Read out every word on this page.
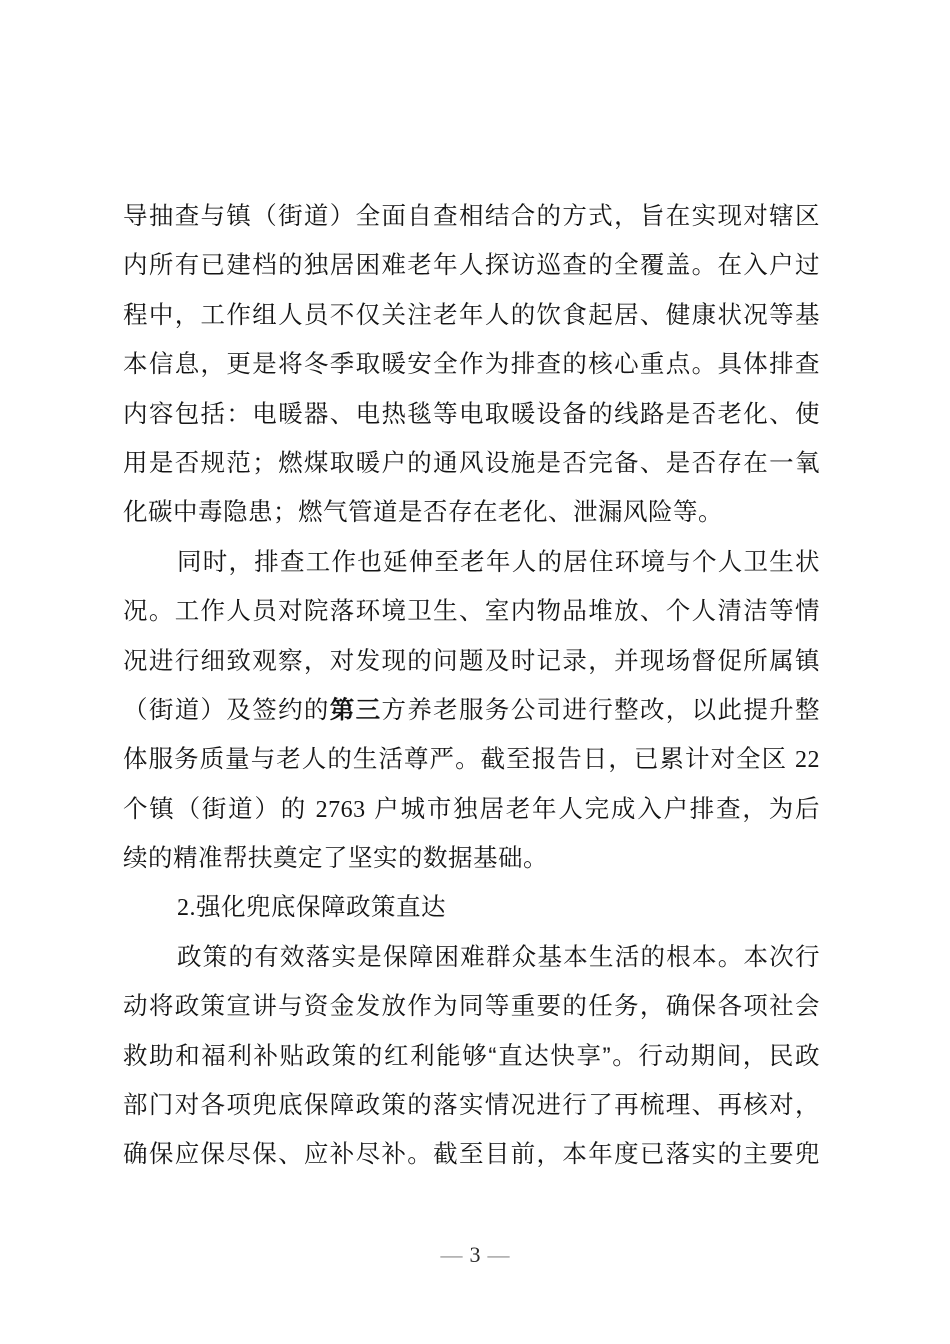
导抽查与镇（街道）全面自查相结合的方式，旨在实现对辖区
内所有已建档的独居困难老年人探访巡查的全覆盖。在入户过
程中，工作组人员不仅关注老年人的饮食起居、健康状况等基
本信息，更是将冬季取暖安全作为排查的核心重点。具体排查
内容包括：电暖器、电热毯等电取暖设备的线路是否老化、使
用是否规范；燃煤取暖户的通风设施是否完备、是否存在一氧
化碳中毒隐患；燃气管道是否存在老化、泄漏风险等。
同时，排查工作也延伸至老年人的居住环境与个人卫生状
况。工作人员对院落环境卫生、室内物品堆放、个人清洁等情
况进行细致观察，对发现的问题及时记录，并现场督促所属镇
（街道）及签约的第三方养老服务公司进行整改，以此提升整
体服务质量与老人的生活尊严。截至报告日，已累计对全区 22
个镇（街道）的 2763 户城市独居老年人完成入户排查，为后
续的精准帮扶奠定了坚实的数据基础。
2.强化兜底保障政策直达
政策的有效落实是保障困难群众基本生活的根本。本次行
动将政策宣讲与资金发放作为同等重要的任务，确保各项社会
救助和福利补贴政策的红利能够“直达快享”。行动期间，民政
部门对各项兜底保障政策的落实情况进行了再梳理、再核对，
确保应保尽保、应补尽补。截至目前，本年度已落实的主要兜
— 3 —
